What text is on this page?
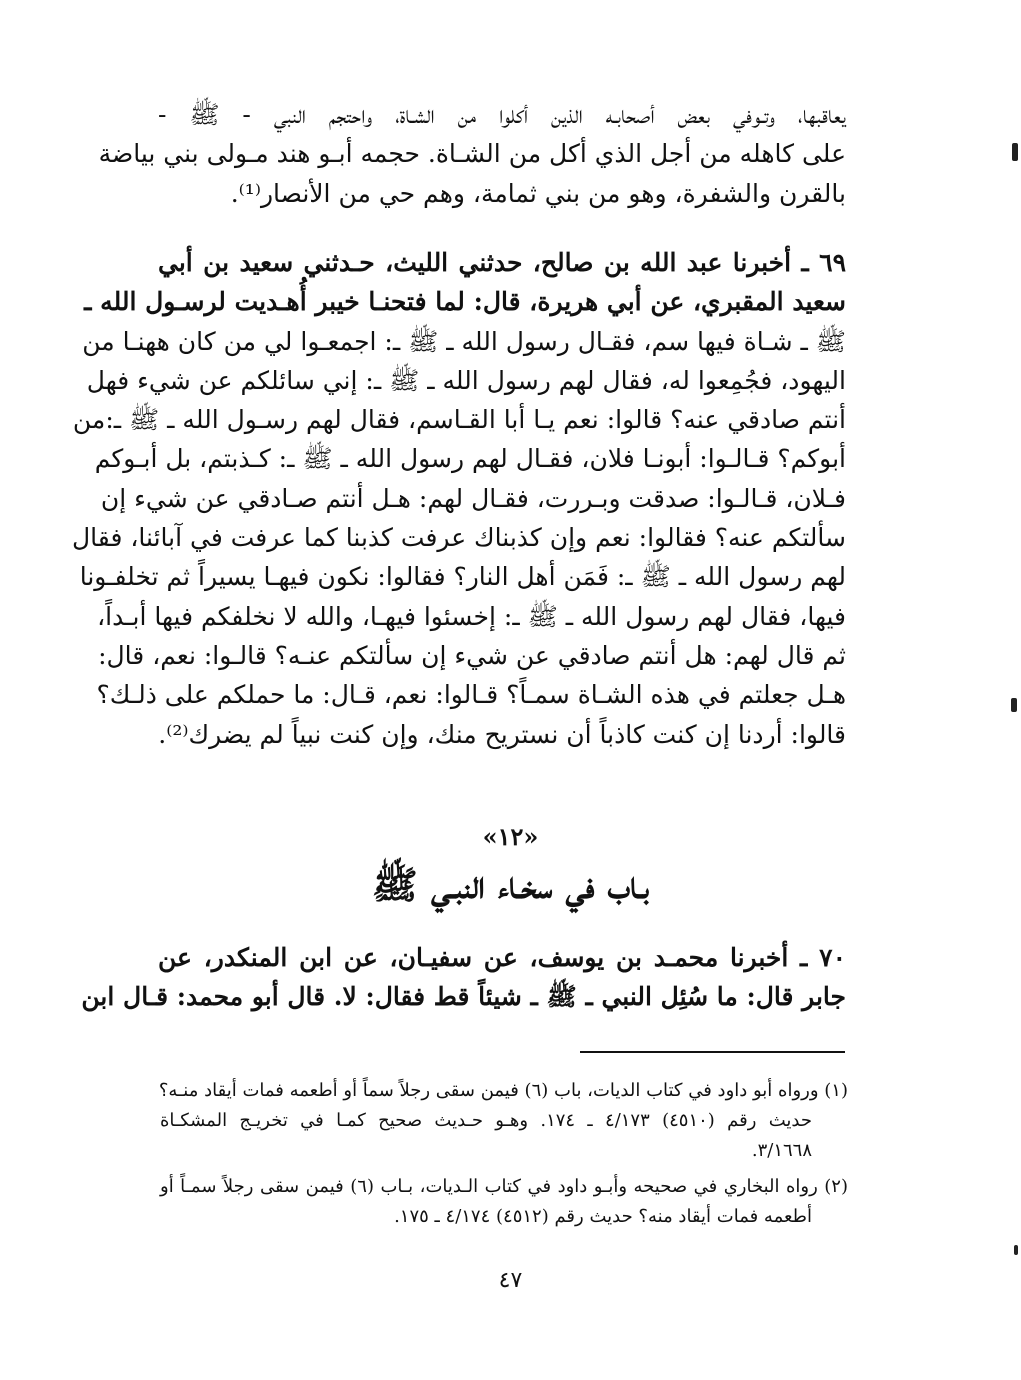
يعاقبها، وتـوفي بعض أصحابـه الذين أكلوا من الشـاة، واحتجم النبي - ﷺ -
على كاهله من أجل الذي أكل من الشـاة. حجمه أبـو هند مـولى بني بياضة
بالقرن والشفرة، وهو من بني ثمامة، وهم حي من الأنصار⁽¹⁾.
٦٩ ـ أخبرنا عبد الله بن صالح، حدثني الليث، حـدثني سعيد بن أبي
سعيد المقبري، عن أبي هريرة، قال: لما فتحنـا خيبر أُهـديت لرسـول الله ـ
ﷺ ـ شـاة فيها سم، فقـال رسول الله ـ ﷺ ـ: اجمعـوا لي من كان ههنـا من
اليهود، فجُمِعوا له، فقال لهم رسول الله ـ ﷺ ـ: إني سائلكم عن شيء فهل
أنتم صادقي عنه؟ قالوا: نعم يـا أبا القـاسم، فقال لهم رسـول الله ـ ﷺ ـ:من
أبوكم؟ قـالـوا: أبونـا فلان، فقـال لهم رسول الله ـ ﷺ ـ: كـذبتم، بل أبـوكم
فـلان، قـالـوا: صدقت وبـررت، فقـال لهم: هـل أنتم صـادقي عن شيء إن
سألتكم عنه؟ فقالوا: نعم وإن كذبناك عرفت كذبنا كما عرفت في آبائنا، فقال
لهم رسول الله ـ ﷺ ـ: فَمَن أهل النار؟ فقالوا: نكون فيهـا يسيراً ثم تخلفـونا
فيها، فقال لهم رسول الله ـ ﷺ ـ: إخسئوا فيهـا، والله لا نخلفكم فيها أبـداً،
ثم قال لهم: هل أنتم صادقي عن شيء إن سألتكم عنـه؟ قالـوا: نعم، قال:
هـل جعلتم في هذه الشـاة سمـاً؟ قـالوا: نعم، قـال: ما حملكم على ذلـك؟
قالوا: أردنا إن كنت كاذباً أن نستريح منك، وإن كنت نبياً لم يضرك⁽²⁾.
«١٢»
بـاب في سخـاء النبـي ﷺ
٧٠ ـ أخبرنا محمـد بن يوسف، عن سفيـان، عن ابن المنكدر، عن
جابر قال: ما سُئِل النبي ـ ﷺ ـ شيئاً قط فقال: لا. قال أبو محمد: قـال ابن
(١) ورواه أبو داود في كتاب الديات، باب (٦) فيمن سقى رجلاً سماً أو أطعمه فمات أيقاد منـه؟
حديث رقم (٤٥١٠) ٤/١٧٣ ـ ١٧٤. وهـو حـديث صحيح كمـا في تخريـج المشكـاة
٣/١٦٦٨.
(٢) رواه البخاري في صحيحه وأبـو داود في كتاب الـديات، بـاب (٦) فيمن سقى رجلاً سمـاً أو
أطعمه فمات أيقاد منه؟ حديث رقم (٤٥١٢) ٤/١٧٤ ـ ١٧٥.
٤٧
